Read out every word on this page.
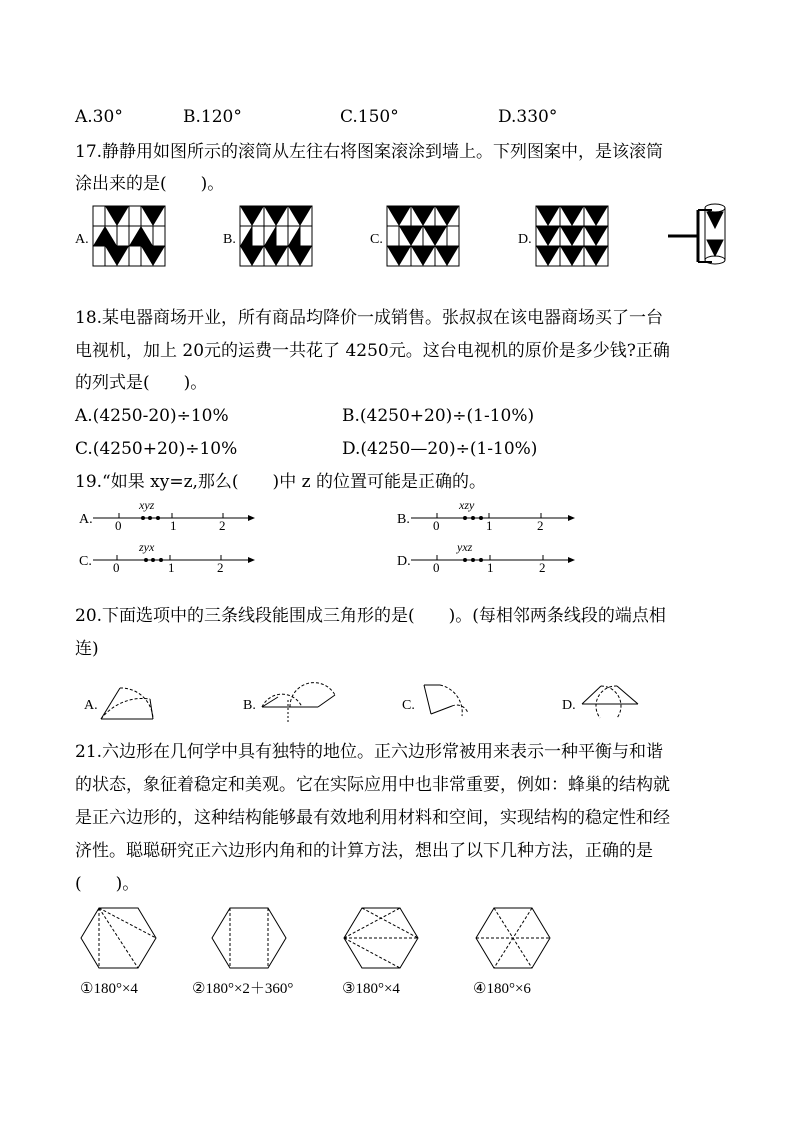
A.30°	B.120°	C.150°	D.330°
17.静静用如图所示的滚筒从左往右将图案滚涂到墙上。下列图案中，是该滚筒
涂出来的是(　　)。
A.	B.	C.	D.
18.某电器商场开业，所有商品均降价一成销售。张叔叔在该电器商场买了一台
电视机，加上 20元的运费一共花了 4250元。这台电视机的原价是多少钱?正确
的列式是(　　)。
A.(4250-20)÷10%	B.(4250+20)÷(1-10%)
C.(4250+20)÷10%	D.(4250—20)÷(1-10%)
19.“如果 xy=z,那么(　　)中 z 的位置可能是正确的。
A. 0	1	2
xyz
B. 0	1	2
xzy
C. 0	1	2
zyx
D. 0	1	2
yxz
20.下面选项中的三条线段能围成三角形的是(　　)。(每相邻两条线段的端点相
连)
A.	B.	C.	D.
21.六边形在几何学中具有独特的地位。正六边形常被用来表示一种平衡与和谐
的状态，象征着稳定和美观。它在实际应用中也非常重要，例如：蜂巢的结构就
是正六边形的，这种结构能够最有效地利用材料和空间，实现结构的稳定性和经
济性。聪聪研究正六边形内角和的计算方法，想出了以下几种方法，正确的是
(　　)。
①180°×4	②180°×2＋360°	③180°×4	④180°×6
